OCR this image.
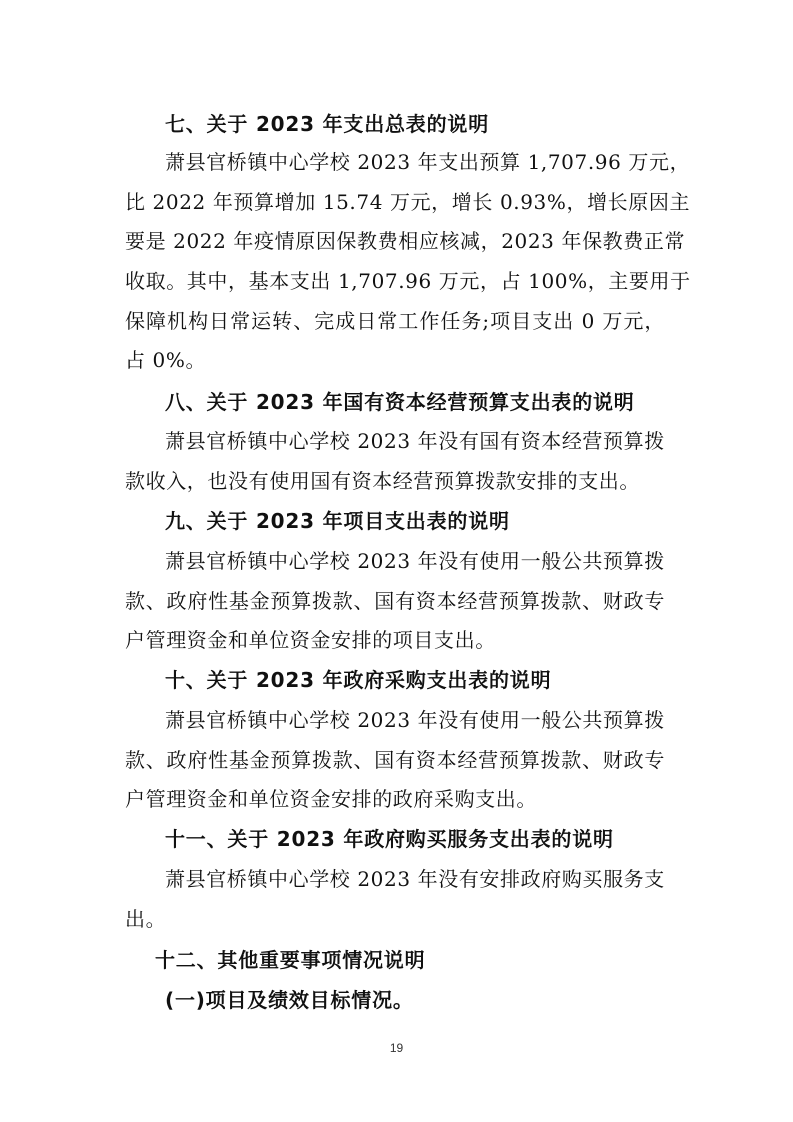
七、关于 2023 年支出总表的说明
萧县官桥镇中心学校 2023 年支出预算 1,707.96 万元，
比 2022 年预算增加 15.74 万元，增长 0.93%，增长原因主
要是 2022 年疫情原因保教费相应核减，2023 年保教费正常
收取。其中，基本支出 1,707.96 万元，占 100%，主要用于
保障机构日常运转、完成日常工作任务;项目支出 0 万元，
占 0%。
八、关于 2023 年国有资本经营预算支出表的说明
萧县官桥镇中心学校 2023 年没有国有资本经营预算拨
款收入，也没有使用国有资本经营预算拨款安排的支出。
九、关于 2023 年项目支出表的说明
萧县官桥镇中心学校 2023 年没有使用一般公共预算拨
款、政府性基金预算拨款、国有资本经营预算拨款、财政专
户管理资金和单位资金安排的项目支出。
十、关于 2023 年政府采购支出表的说明
萧县官桥镇中心学校 2023 年没有使用一般公共预算拨
款、政府性基金预算拨款、国有资本经营预算拨款、财政专
户管理资金和单位资金安排的政府采购支出。
十一、关于 2023 年政府购买服务支出表的说明
萧县官桥镇中心学校 2023 年没有安排政府购买服务支
出。
十二、其他重要事项情况说明
(一)项目及绩效目标情况。
19
